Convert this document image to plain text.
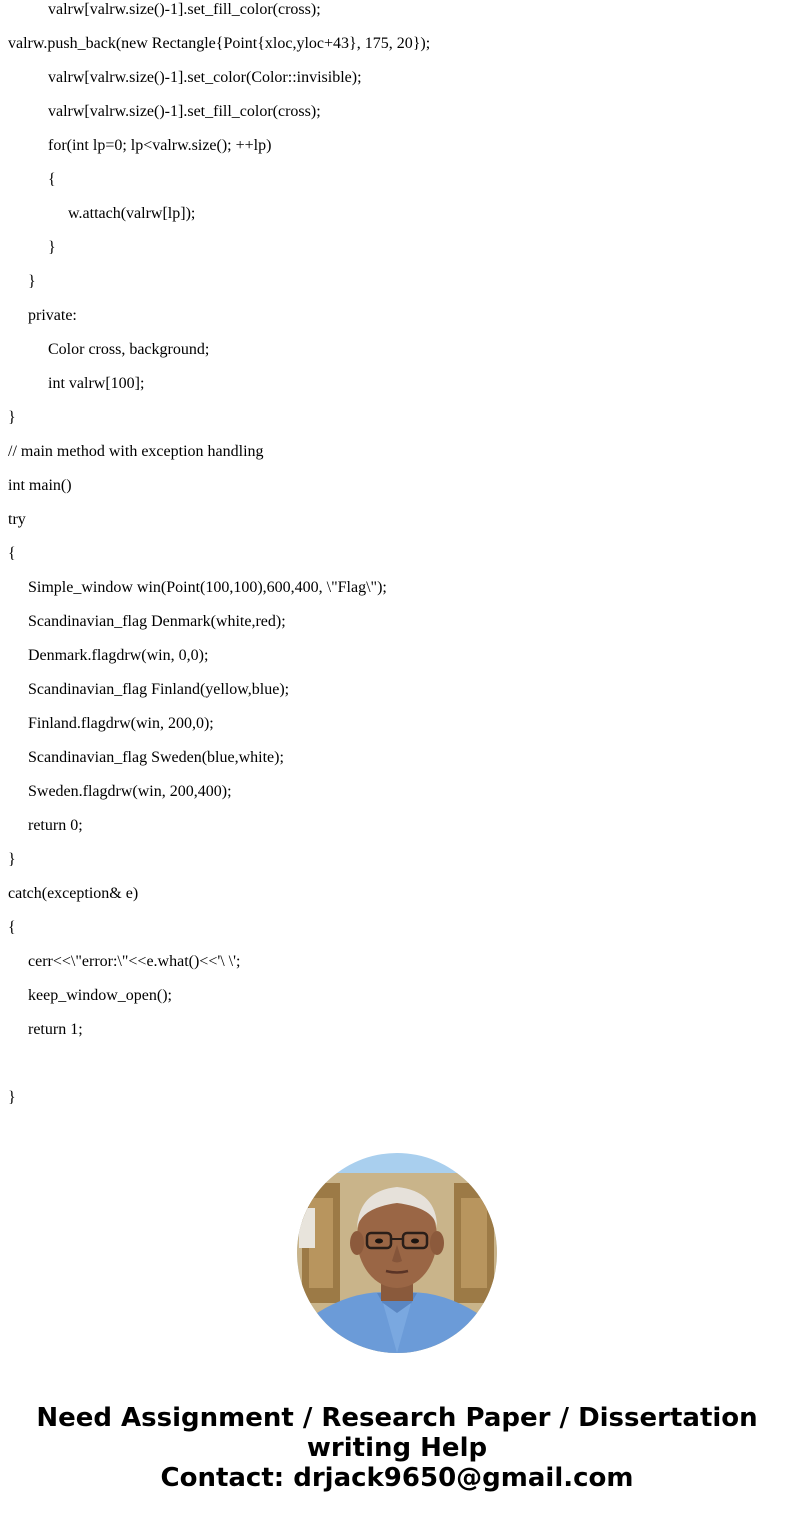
valrw[valrw.size()-1].set_fill_color(cross);
valrw.push_back(new Rectangle{Point{xloc,yloc+43}, 175, 20});
valrw[valrw.size()-1].set_color(Color::invisible);
valrw[valrw.size()-1].set_fill_color(cross);
for(int lp=0; lp<valrw.size(); ++lp)
{
w.attach(valrw[lp]);
}
}
private:
Color cross, background;
int valrw[100];
}
// main method with exception handling
int main()
try
{
Simple_window win(Point(100,100),600,400, \"Flag\");
Scandinavian_flag Denmark(white,red);
Denmark.flagdrw(win, 0,0);
Scandinavian_flag Finland(yellow,blue);
Finland.flagdrw(win, 200,0);
Scandinavian_flag Sweden(blue,white);
Sweden.flagdrw(win, 200,400);
return 0;
}
catch(exception& e)
{
cerr<<\"error:\"<<e.what()<<'\ \';
keep_window_open();
return 1;
}
Need Assignment / Research Paper / Dissertation
writing Help
Contact: drjack9650@gmail.com
